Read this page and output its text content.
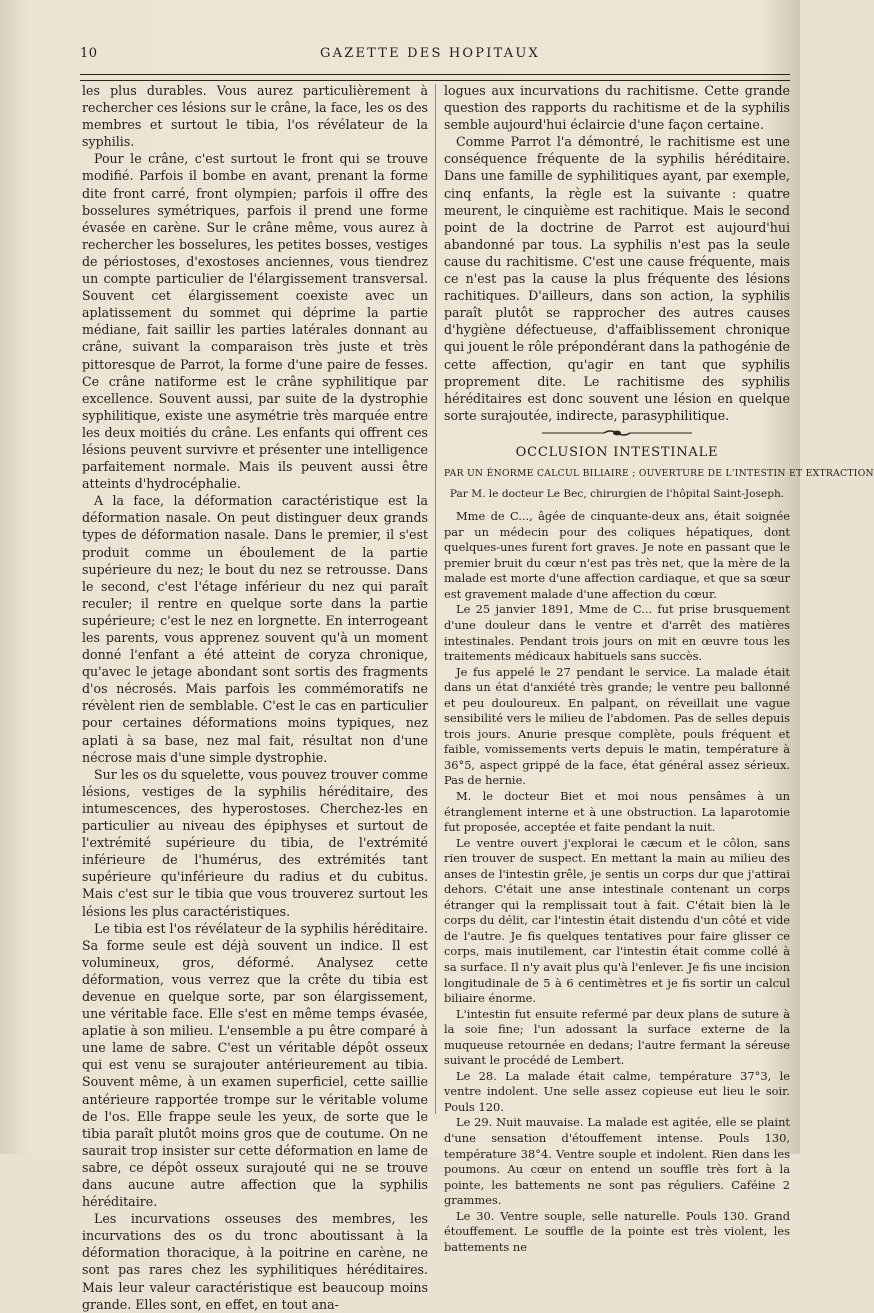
10	GAZETTE DES HOPITAUX

les plus durables. Vous aurez particulièrement à rechercher ces lésions sur le crâne, la face, les os des membres et surtout le tibia, l'os révélateur de la syphilis.

Pour le crâne, c'est surtout le front qui se trouve modifié. Parfois il bombe en avant, prenant la forme dite front carré, front olympien; parfois il offre des bosselures symétriques, parfois il prend une forme évasée en carène. Sur le crâne même, vous aurez à rechercher les bosselures, les petites bosses, vestiges de périostoses, d'exostoses anciennes, vous tiendrez un compte particulier de l'élargissement transversal. Souvent cet élargissement coexiste avec un aplatissement du sommet qui déprime la partie médiane, fait saillir les parties latérales donnant au crâne, suivant la comparaison très juste et très pittoresque de Parrot, la forme d'une paire de fesses. Ce crâne natiforme est le crâne syphilitique par excellence. Souvent aussi, par suite de la dystrophie syphilitique, existe une asymétrie très marquée entre les deux moitiés du crâne. Les enfants qui offrent ces lésions peuvent survivre et présenter une intelligence parfaitement normale. Mais ils peuvent aussi être atteints d'hydrocéphalie.

A la face, la déformation caractéristique est la déformation nasale. On peut distinguer deux grands types de déformation nasale. Dans le premier, il s'est produit comme un éboulement de la partie supérieure du nez; le bout du nez se retrousse. Dans le second, c'est l'étage inférieur du nez qui paraît reculer; il rentre en quelque sorte dans la partie supérieure; c'est le nez en lorgnette. En interrogeant les parents, vous apprenez souvent qu'à un moment donné l'enfant a été atteint de coryza chronique, qu'avec le jetage abondant sont sortis des fragments d'os nécrosés. Mais parfois les commémoratifs ne révèlent rien de semblable. C'est le cas en particulier pour certaines déformations moins typiques, nez aplati à sa base, nez mal fait, résultat non d'une nécrose mais d'une simple dystrophie.

Sur les os du squelette, vous pouvez trouver comme lésions, vestiges de la syphilis héréditaire, des intumescences, des hyperostoses. Cherchez-les en particulier au niveau des épiphyses et surtout de l'extrémité supérieure du tibia, de l'extrémité inférieure de l'humérus, des extrémités tant supérieure qu'inférieure du radius et du cubitus. Mais c'est sur le tibia que vous trouverez surtout les lésions les plus caractéristiques.

Le tibia est l'os révélateur de la syphilis héréditaire. Sa forme seule est déjà souvent un indice. Il est volumineux, gros, déformé. Analysez cette déformation, vous verrez que la crête du tibia est devenue en quelque sorte, par son élargissement, une véritable face. Elle s'est en même temps évasée, aplatie à son milieu. L'ensemble a pu être comparé à une lame de sabre. C'est un véritable dépôt osseux qui est venu se surajouter antérieurement au tibia. Souvent même, à un examen superficiel, cette saillie antérieure rapportée trompe sur le véritable volume de l'os. Elle frappe seule les yeux, de sorte que le tibia paraît plutôt moins gros que de coutume. On ne saurait trop insister sur cette déformation en lame de sabre, ce dépôt osseux surajouté qui ne se trouve dans aucune autre affection que la syphilis héréditaire.

Les incurvations osseuses des membres, les incurvations des os du tronc aboutissant à la déformation thoracique, à la poitrine en carène, ne sont pas rares chez les syphilitiques héréditaires. Mais leur valeur caractéristique est beaucoup moins grande. Elles sont, en effet, en tout ana-

logues aux incurvations du rachitisme. Cette grande question des rapports du rachitisme et de la syphilis semble aujourd'hui éclaircie d'une façon certaine.

Comme Parrot l'a démontré, le rachitisme est une conséquence fréquente de la syphilis héréditaire. Dans une famille de syphilitiques ayant, par exemple, cinq enfants, la règle est la suivante : quatre meurent, le cinquième est rachitique. Mais le second point de la doctrine de Parrot est aujourd'hui abandonné par tous. La syphilis n'est pas la seule cause du rachitisme. C'est une cause fréquente, mais ce n'est pas la cause la plus fréquente des lésions rachitiques. D'ailleurs, dans son action, la syphilis paraît plutôt se rapprocher des autres causes d'hygiène défectueuse, d'affaiblissement chronique qui jouent le rôle prépondérant dans la pathogénie de cette affection, qu'agir en tant que syphilis proprement dite. Le rachitisme des syphilis héréditaires est donc souvent une lésion en quelque sorte surajoutée, indirecte, parasyphilitique.

OCCLUSION INTESTINALE
PAR UN ÉNORME CALCUL BILIAIRE ; OUVERTURE DE L'INTESTIN ET EXTRACTION
Par M. le docteur Le Bec, chirurgien de l'hôpital Saint-Joseph.

Mme de C..., âgée de cinquante-deux ans, était soignée par un médecin pour des coliques hépatiques, dont quelques-unes furent fort graves. Je note en passant que le premier bruit du cœur n'est pas très net, que la mère de la malade est morte d'une affection cardiaque, et que sa sœur est gravement malade d'une affection du cœur.

Le 25 janvier 1891, Mme de C... fut prise brusquement d'une douleur dans le ventre et d'arrêt des matières intestinales. Pendant trois jours on mit en œuvre tous les traitements médicaux habituels sans succès.

Je fus appelé le 27 pendant le service. La malade était dans un état d'anxiété très grande; le ventre peu ballonné et peu douloureux. En palpant, on réveillait une vague sensibilité vers le milieu de l'abdomen. Pas de selles depuis trois jours. Anurie presque complète, pouls fréquent et faible, vomissements verts depuis le matin, température à 36°5, aspect grippé de la face, état général assez sérieux. Pas de hernie.

M. le docteur Biet et moi nous pensâmes à un étranglement interne et à une obstruction. La laparotomie fut proposée, acceptée et faite pendant la nuit.

Le ventre ouvert j'explorai le cæcum et le côlon, sans rien trouver de suspect. En mettant la main au milieu des anses de l'intestin grêle, je sentis un corps dur que j'attirai dehors. C'était une anse intestinale contenant un corps étranger qui la remplissait tout à fait. C'était bien là le corps du délit, car l'intestin était distendu d'un côté et vide de l'autre. Je fis quelques tentatives pour faire glisser ce corps, mais inutilement, car l'intestin était comme collé à sa surface. Il n'y avait plus qu'à l'enlever. Je fis une incision longitudinale de 5 à 6 centimètres et je fis sortir un calcul biliaire énorme.

L'intestin fut ensuite refermé par deux plans de suture à la soie fine; l'un adossant la surface externe de la muqueuse retournée en dedans; l'autre fermant la séreuse suivant le procédé de Lembert.

Le 28. La malade était calme, température 37°3, le ventre indolent. Une selle assez copieuse eut lieu le soir. Pouls 120.

Le 29. Nuit mauvaise. La malade est agitée, elle se plaint d'une sensation d'étouffement intense. Pouls 130, température 38°4. Ventre souple et indolent. Rien dans les poumons. Au cœur on entend un souffle très fort à la pointe, les battements ne sont pas réguliers. Caféine 2 grammes.

Le 30. Ventre souple, selle naturelle. Pouls 130. Grand étouffement. Le souffle de la pointe est très violent, les battements ne
